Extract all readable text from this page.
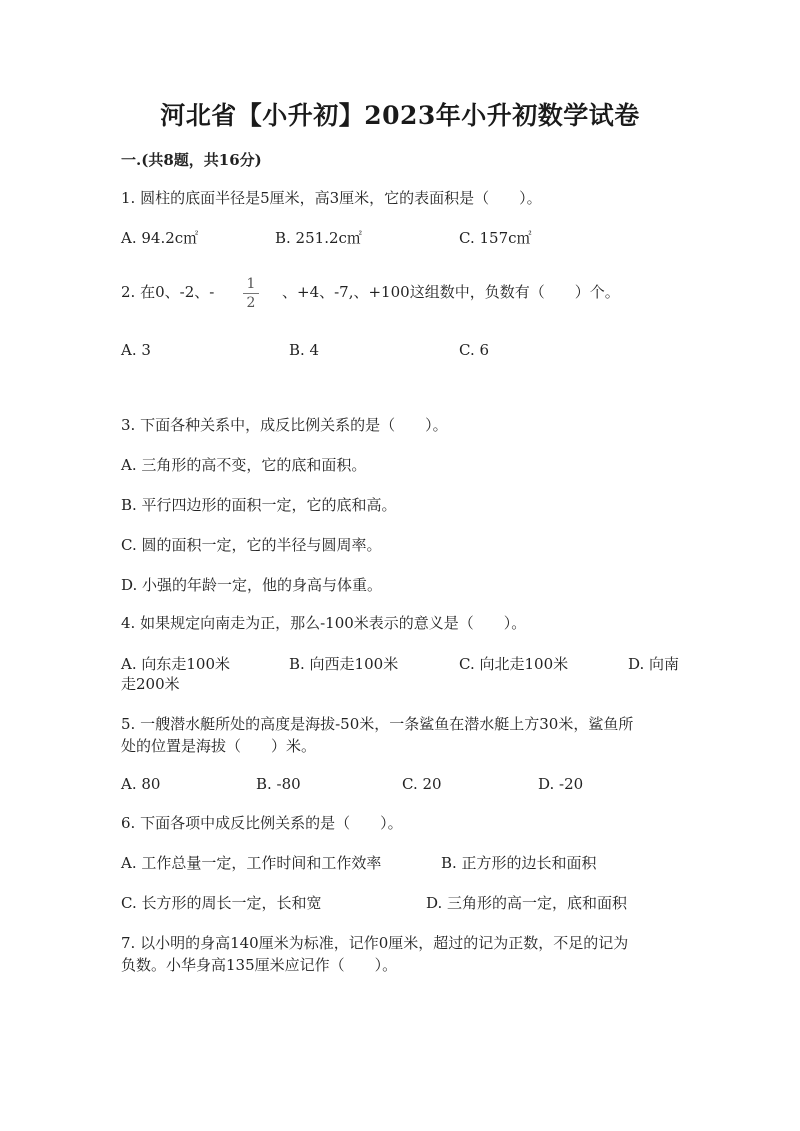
河北省【小升初】2023年小升初数学试卷
一.(共8题，共16分)
1. 圆柱的底面半径是5厘米，高3厘米，它的表面积是（　　）。
A. 94.2c㎡	B. 251.2c㎡	C. 157c㎡
2. 在0、-2、- 1
2
、+4、-7,、+100这组数中，负数有（　　）个。
A. 3	B. 4	C. 6
3. 下面各种关系中，成反比例关系的是（　　）。
A. 三角形的高不变，它的底和面积。
B. 平行四边形的面积一定，它的底和高。
C. 圆的面积一定，它的半径与圆周率。
D. 小强的年龄一定，他的身高与体重。
4. 如果规定向南走为正，那么-100米表示的意义是（　　）。
A. 向东走100米	B. 向西走100米	C. 向北走100米	D. 向南
走200米
5. 一艘潜水艇所处的高度是海拔-50米，一条鲨鱼在潜水艇上方30米，鲨鱼所
处的位置是海拔（　　）米。
A. 80	B. -80	C. 20	D. -20
6. 下面各项中成反比例关系的是（　　）。
A. 工作总量一定，工作时间和工作效率	B. 正方形的边长和面积
C. 长方形的周长一定，长和宽	D. 三角形的高一定，底和面积
7. 以小明的身高140厘米为标准，记作0厘米，超过的记为正数，不足的记为
负数。小华身高135厘米应记作（　　）。
